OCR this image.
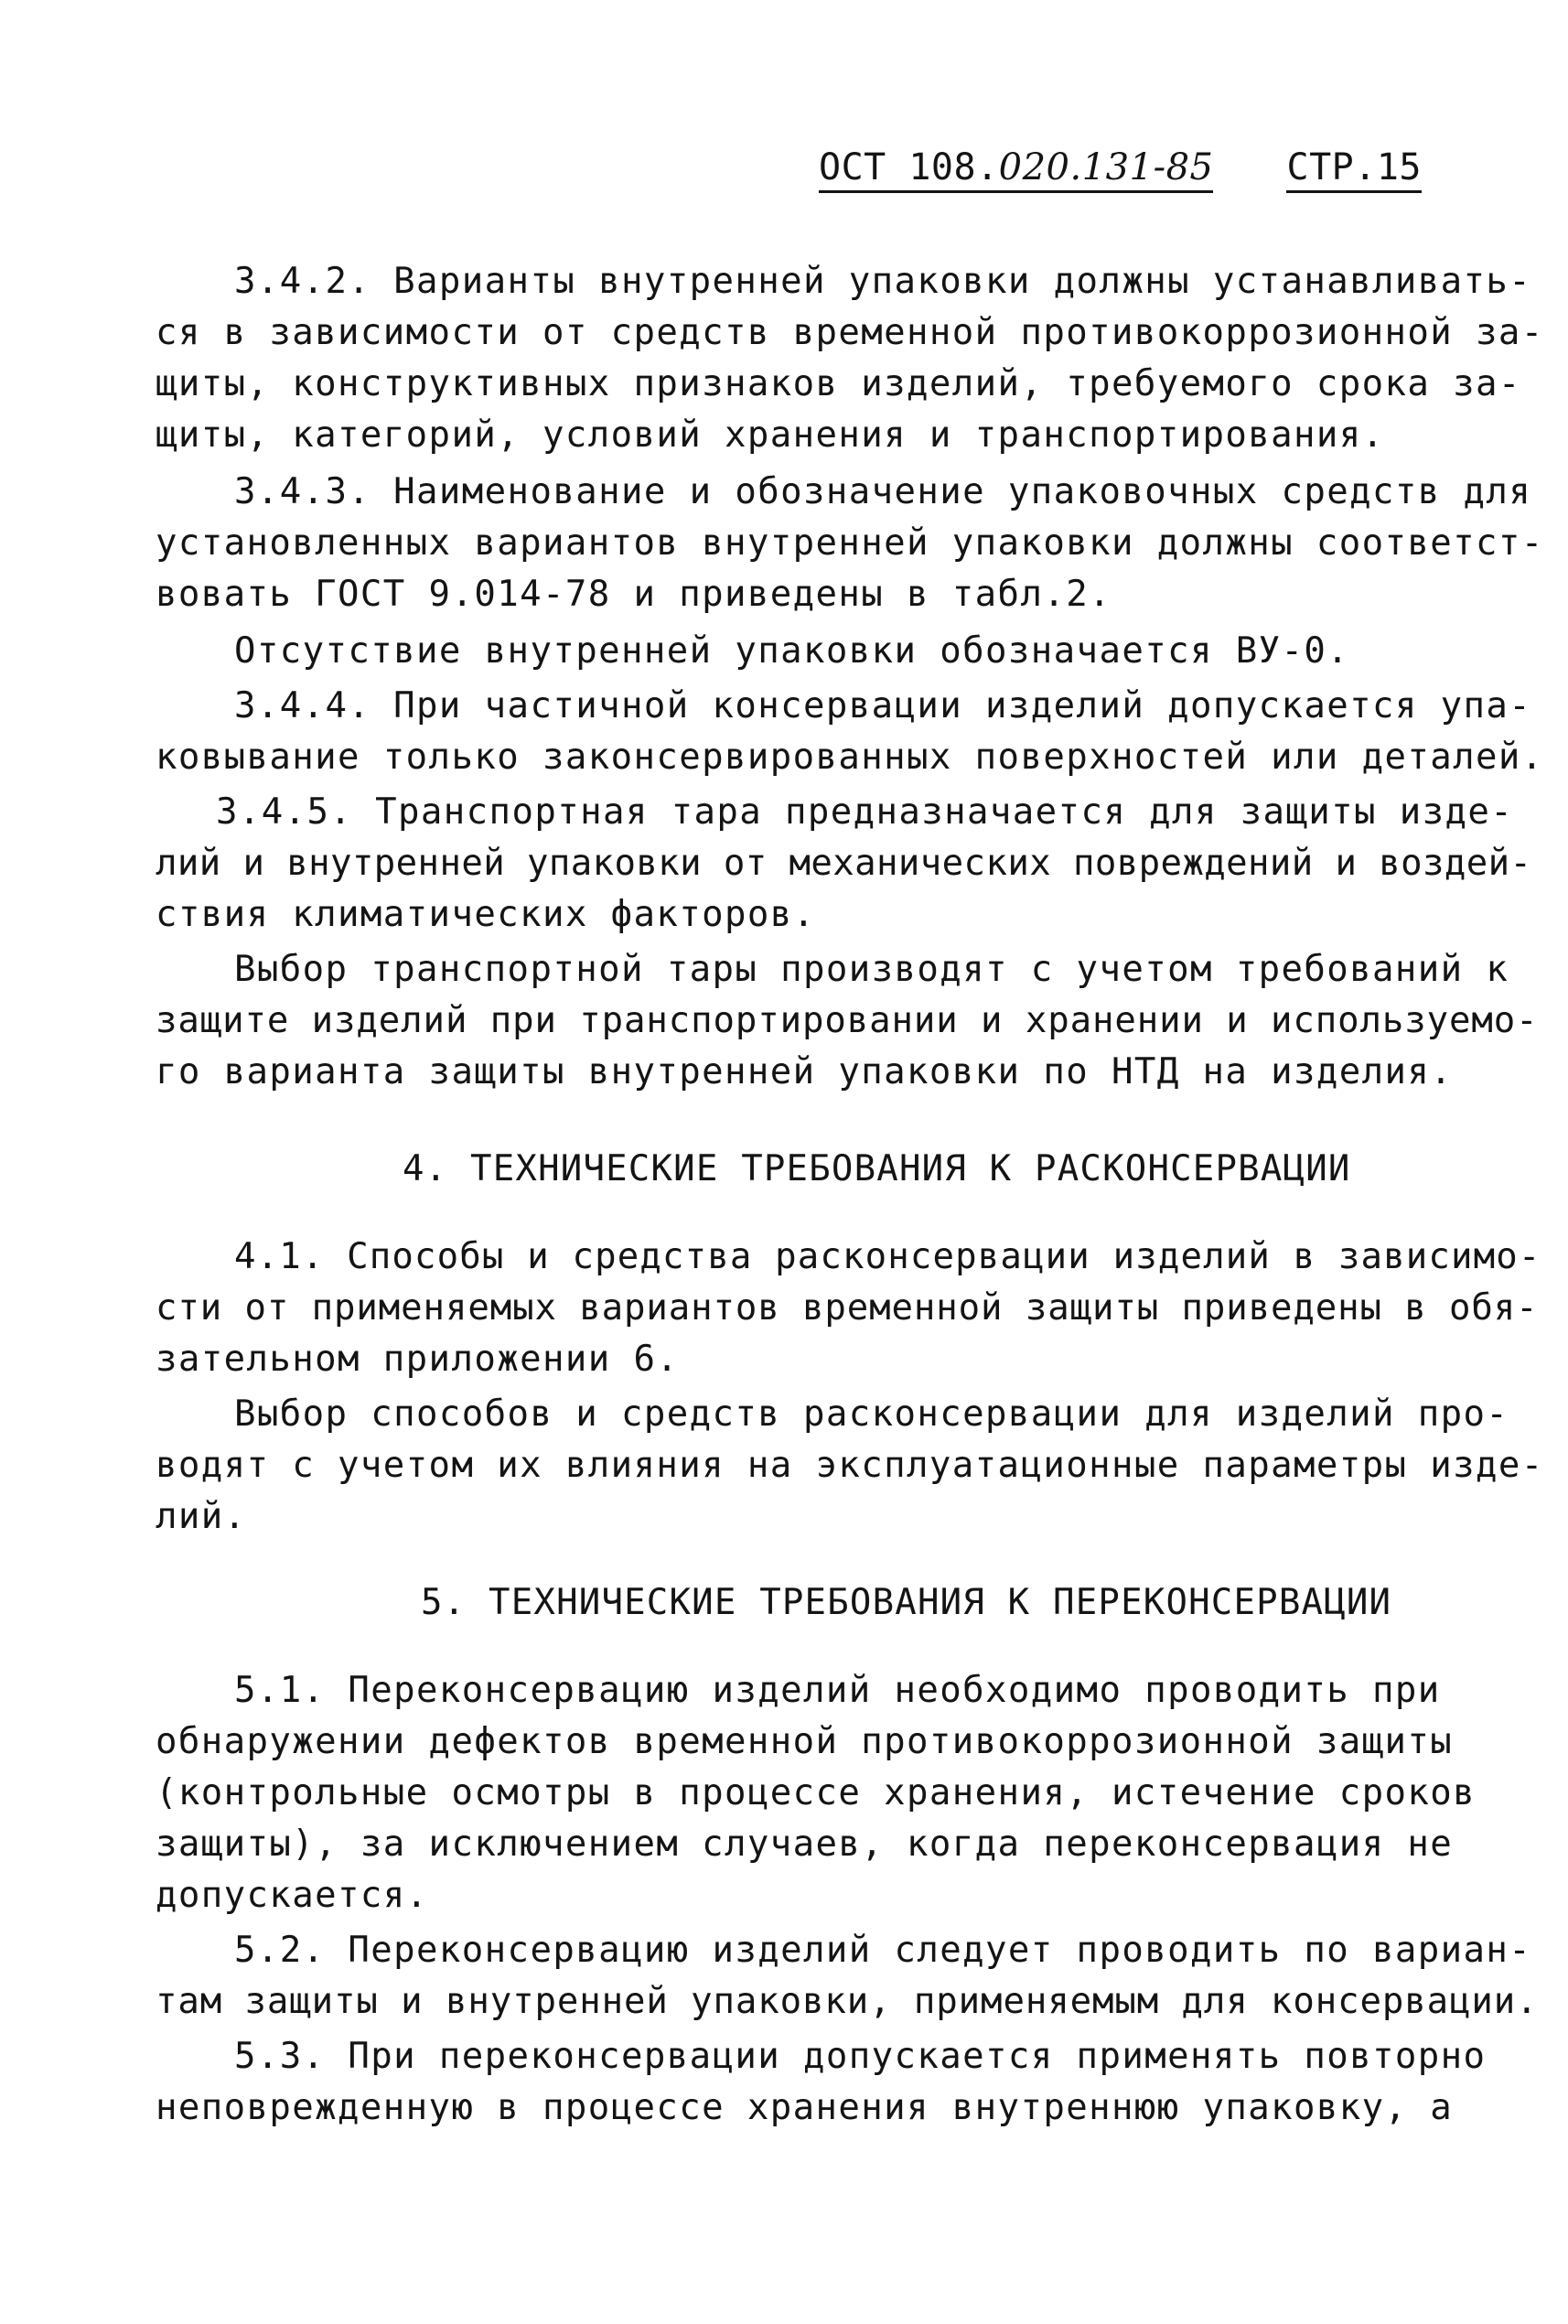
ОСТ 108.020.131-85 СТР.15
3.4.2. Варианты внутренней упаковки должны устанавливать-
ся в зависимости от средств временной противокоррозионной за-
щиты, конструктивных признаков изделий, требуемого срока за-
щиты, категорий, условий хранения и транспортирования.
3.4.3. Наименование и обозначение упаковочных средств для
установленных вариантов внутренней упаковки должны соответст-
вовать ГОСТ 9.014-78 и приведены в табл.2.
Отсутствие внутренней упаковки обозначается ВУ-0.
3.4.4. При частичной консервации изделий допускается упа-
ковывание только законсервированных поверхностей или деталей.
3.4.5. Транспортная тара предназначается для защиты изде-
лий и внутренней упаковки от механических повреждений и воздей-
ствия климатических факторов.
Выбор транспортной тары производят с учетом требований к
защите изделий при транспортировании и хранении и используемо-
го варианта защиты внутренней упаковки по НТД на изделия.
4. ТЕХНИЧЕСКИЕ ТРЕБОВАНИЯ К РАСКОНСЕРВАЦИИ
4.1. Способы и средства расконсервации изделий в зависимо-
сти от применяемых вариантов временной защиты приведены в обя-
зательном приложении 6.
Выбор способов и средств расконсервации для изделий про-
водят с учетом их влияния на эксплуатационные параметры изде-
лий.
5. ТЕХНИЧЕСКИЕ ТРЕБОВАНИЯ К ПЕРЕКОНСЕРВАЦИИ
5.1. Переконсервацию изделий необходимо проводить при
обнаружении дефектов временной противокоррозионной защиты
(контрольные осмотры в процессе хранения, истечение сроков
защиты), за исключением случаев, когда переконсервация не
допускается.
5.2. Переконсервацию изделий следует проводить по вариан-
там защиты и внутренней упаковки, применяемым для консервации.
5.3. При переконсервации допускается применять повторно
неповрежденную в процессе хранения внутреннюю упаковку, а
